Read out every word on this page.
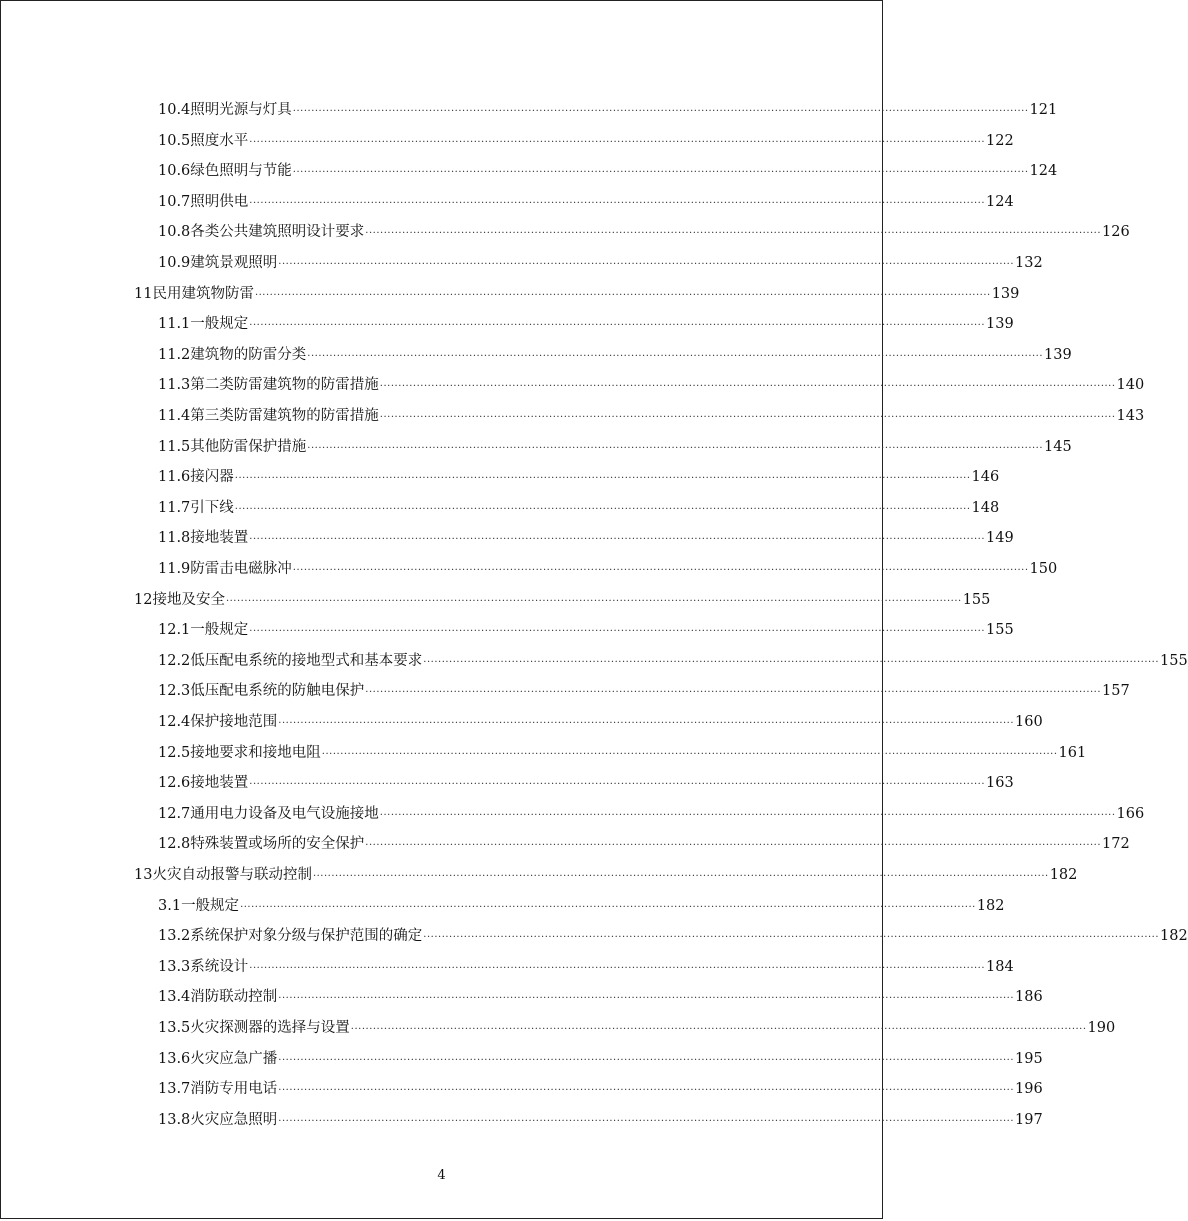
10.4 照明光源与灯具 ········································································································································································································ 121
10.5 照度水平 ········································································································································································································ 122
10.6 绿色照明与节能 ········································································································································································································ 124
10.7 照明供电 ········································································································································································································ 124
10.8 各类公共建筑照明设计要求 ········································································································································································································ 126
10.9 建筑景观照明 ········································································································································································································ 132
11 民用建筑物防雷 ········································································································································································································ 139
11.1 一般规定 ········································································································································································································ 139
11.2 建筑物的防雷分类 ········································································································································································································ 139
11.3 第二类防雷建筑物的防雷措施 ········································································································································································································ 140
11.4 第三类防雷建筑物的防雷措施 ········································································································································································································ 143
11.5 其他防雷保护措施 ········································································································································································································ 145
11.6 接闪器 ········································································································································································································ 146
11.7 引下线 ········································································································································································································ 148
11.8 接地装置 ········································································································································································································ 149
11.9 防雷击电磁脉冲 ········································································································································································································ 150
12 接地及安全 ········································································································································································································ 155
12.1 一般规定 ········································································································································································································ 155
12.2 低压配电系统的接地型式和基本要求 ········································································································································································································ 155
12.3 低压配电系统的防触电保护 ········································································································································································································ 157
12.4 保护接地范围 ········································································································································································································ 160
12.5 接地要求和接地电阻 ········································································································································································································ 161
12.6 接地装置 ········································································································································································································ 163
12.7 通用电力设备及电气设施接地 ········································································································································································································ 166
12.8 特殊装置或场所的安全保护 ········································································································································································································ 172
13 火灾自动报警与联动控制 ········································································································································································································ 182
3.1 一般规定 ········································································································································································································ 182
13.2 系统保护对象分级与保护范围的确定 ········································································································································································································ 182
13.3 系统设计 ········································································································································································································ 184
13.4 消防联动控制 ········································································································································································································ 186
13.5 火灾探测器的选择与设置 ········································································································································································································ 190
13.6 火灾应急广播 ········································································································································································································ 195
13.7 消防专用电话 ········································································································································································································ 196
13.8 火灾应急照明 ········································································································································································································ 197
4
